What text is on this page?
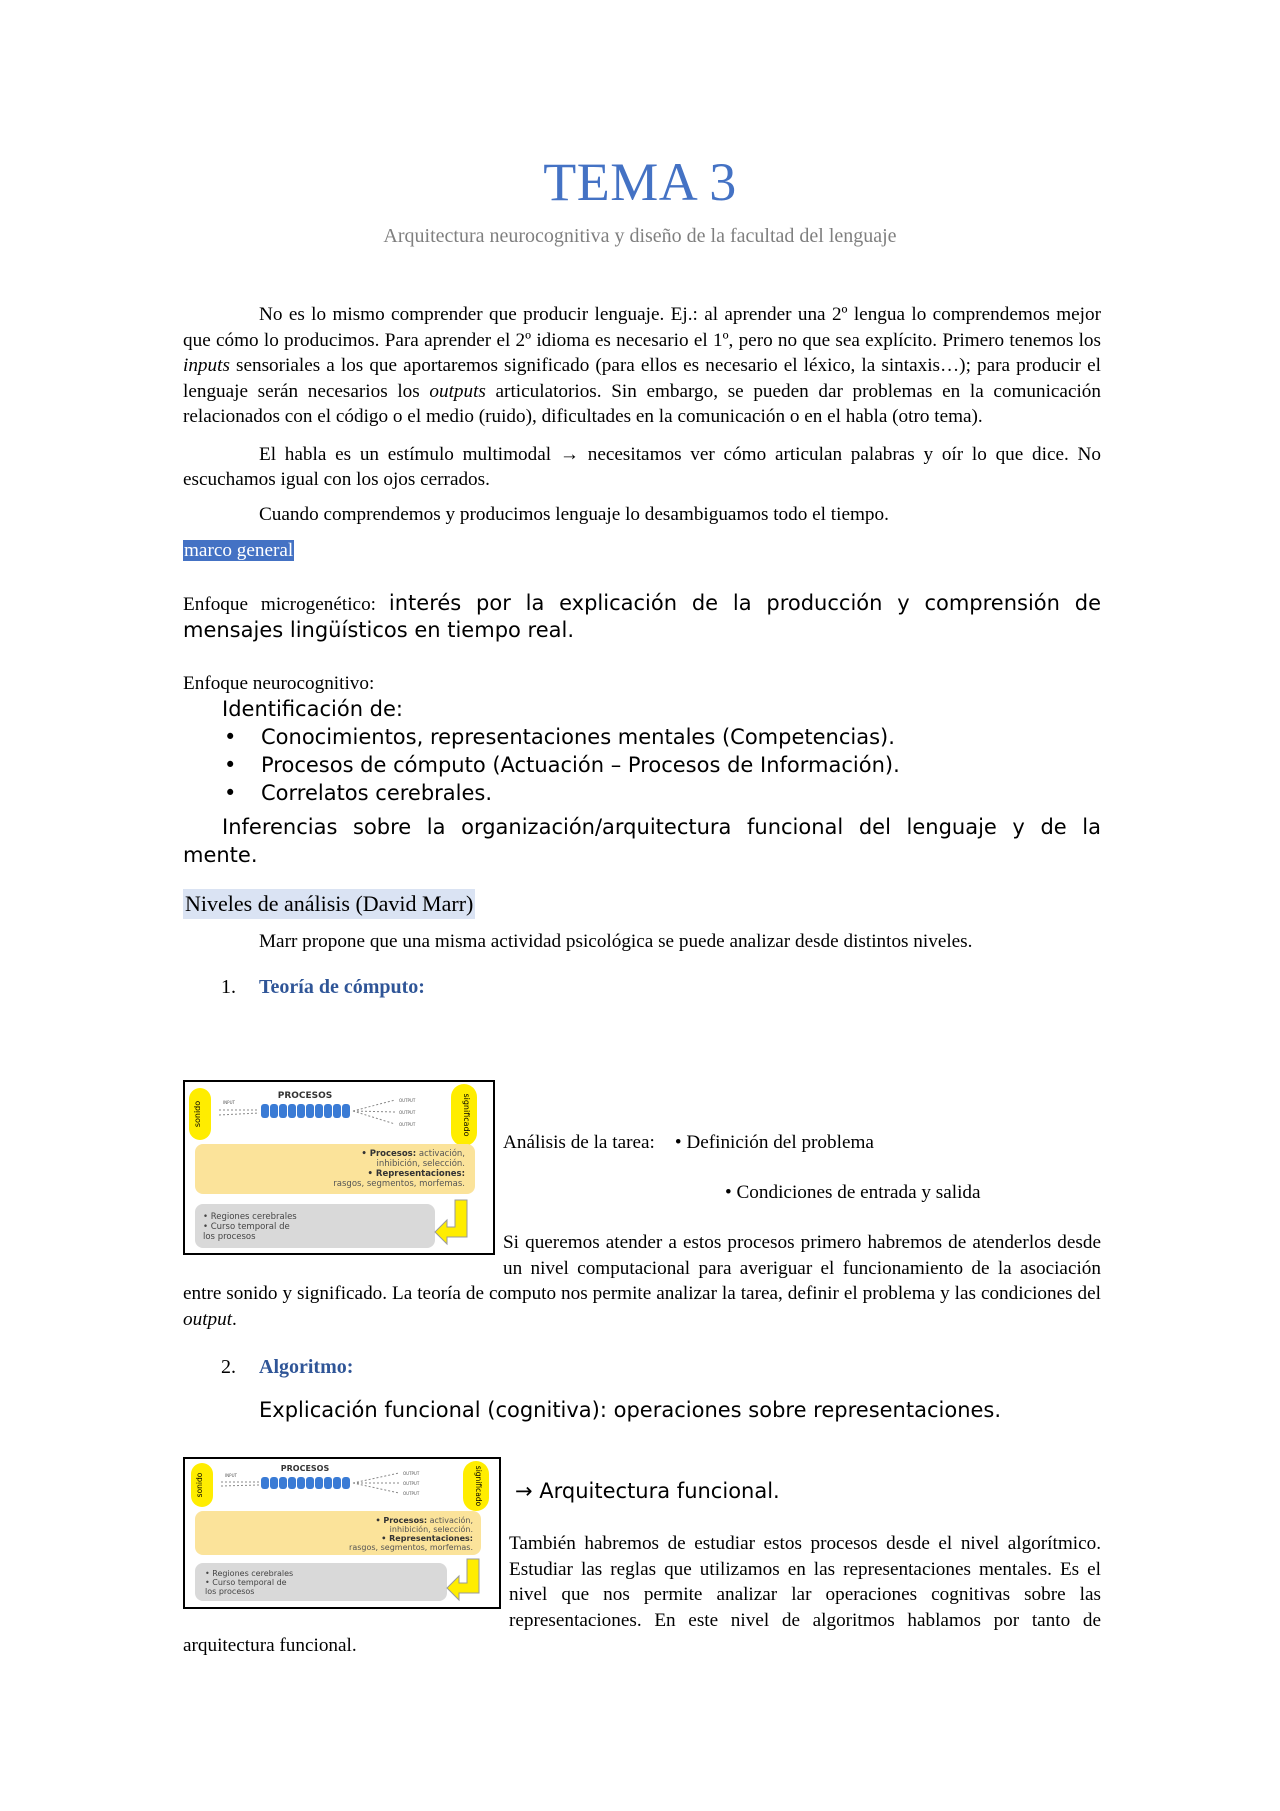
TEMA 3
Arquitectura neurocognitiva y diseño de la facultad del lenguaje

No es lo mismo comprender que producir lenguaje. Ej.: al aprender una 2º lengua lo comprendemos mejor que cómo lo producimos. Para aprender el 2º idioma es necesario el 1º, pero no que sea explícito. Primero tenemos los inputs sensoriales a los que aportaremos significado (para ellos es necesario el léxico, la sintaxis…); para producir el lenguaje serán necesarios los outputs articulatorios. Sin embargo, se pueden dar problemas en la comunicación relacionados con el código o el medio (ruido), dificultades en la comunicación o en el habla (otro tema).

El habla es un estímulo multimodal → necesitamos ver cómo articulan palabras y oír lo que dice. No escuchamos igual con los ojos cerrados.

Cuando comprendemos y producimos lenguaje lo desambiguamos todo el tiempo.

marco general

Enfoque microgenético: interés por la explicación de la producción y comprensión de mensajes lingüísticos en tiempo real.

Enfoque neurocognitivo:

Identificación de:
• Conocimientos, representaciones mentales (Competencias).
• Procesos de cómputo (Actuación – Procesos de Información).
• Correlatos cerebrales.
Inferencias sobre la organización/arquitectura funcional del lenguaje y de la mente.
Niveles de análisis (David Marr)

Marr propone que una misma actividad psicológica se puede analizar desde distintos niveles.

1. Teoría de cómputo:
sonido	significado
PROCESOS
INPUT	OUTPUT
OUTPUT
OUTPUT
• Procesos: activación,
inhibición, selección.
• Representaciones:
rasgos, segmentos, morfemas.
• Regiones cerebrales
• Curso temporal de
los procesos
Análisis de la tarea: • Definición del problema
• Condiciones de entrada y salida
Si queremos atender a estos procesos primero habremos de atenderlos desde un nivel computacional para averiguar el funcionamiento de la asociación entre sonido y significado. La teoría de computo nos permite analizar la tarea, definir el problema y las condiciones del output.
2. Algoritmo:
Explicación funcional (cognitiva): operaciones sobre representaciones.
sonido	significado
PROCESOS
INPUT	OUTPUT
OUTPUT
OUTPUT
• Procesos: activación,
inhibición, selección.
• Representaciones:
rasgos, segmentos, morfemas.
• Regiones cerebrales
• Curso temporal de
los procesos
→ Arquitectura funcional.
También habremos de estudiar estos procesos desde el nivel algorítmico. Estudiar las reglas que utilizamos en las representaciones mentales. Es el nivel que nos permite analizar lar operaciones cognitivas sobre las representaciones. En este nivel de algoritmos hablamos por tanto de arquitectura funcional.
